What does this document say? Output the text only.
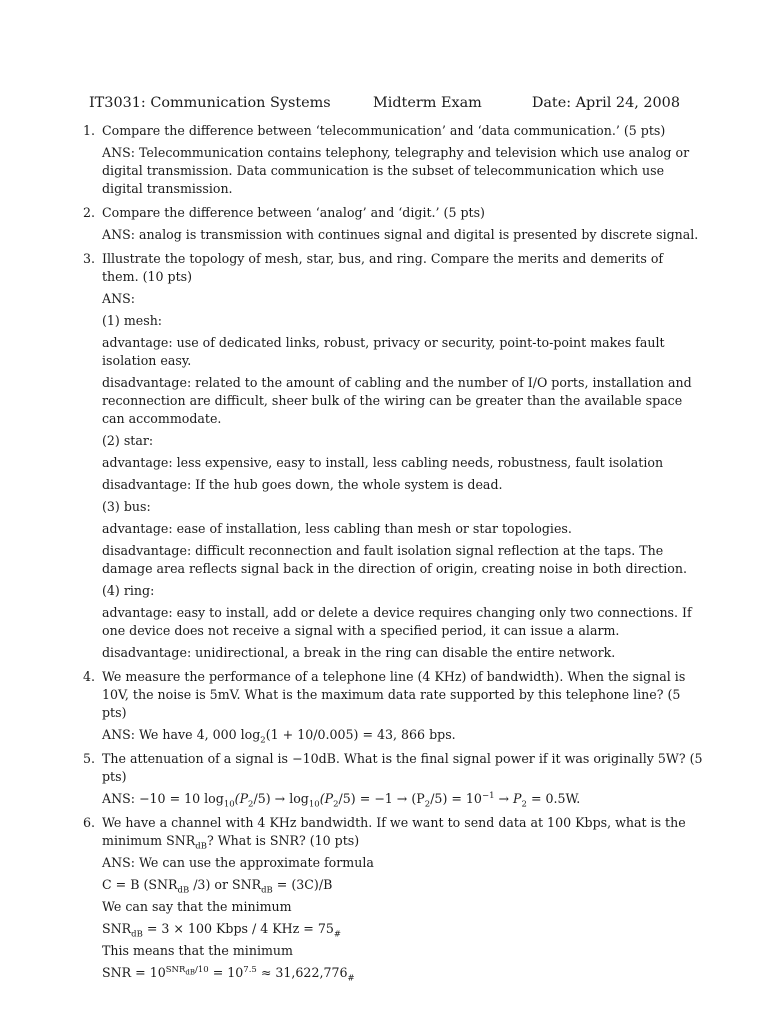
IT3031: Communication Systems	Midterm Exam	Date: April 24, 2008
1. Compare the difference between ‘telecommunication’ and ‘data communication.’ (5 pts)

ANS: Telecommunication contains telephony, telegraphy and television which use analog or digital transmission. Data communication is the subset of telecommunication which use digital transmission.

2. Compare the difference between ‘analog’ and ‘digit.’ (5 pts)

ANS: analog is transmission with continues signal and digital is presented by discrete signal.

3. Illustrate the topology of mesh, star, bus, and ring. Compare the merits and demerits of them. (10 pts)

ANS:

(1) mesh:

advantage: use of dedicated links, robust, privacy or security, point-to-point makes fault isolation easy.

disadvantage: related to the amount of cabling and the number of I/O ports, installation and reconnection are difficult, sheer bulk of the wiring can be greater than the available space can accommodate.

(2) star:

advantage: less expensive, easy to install, less cabling needs, robustness, fault isolation

disadvantage: If the hub goes down, the whole system is dead.

(3) bus:

advantage: ease of installation, less cabling than mesh or star topologies.

disadvantage: difficult reconnection and fault isolation signal reflection at the taps. The damage area reflects signal back in the direction of origin, creating noise in both direction.

(4) ring:

advantage: easy to install, add or delete a device requires changing only two connections. If one device does not receive a signal with a specified period, it can issue a alarm.

disadvantage: unidirectional, a break in the ring can disable the entire network.

4. We measure the performance of a telephone line (4 KHz) of bandwidth). When the signal is 10V, the noise is 5mV. What is the maximum data rate supported by this telephone line? (5 pts)

ANS: We have 4, 000 $\log_2(1 + 10/0.005) = 43$, 866 bps.

5. The attenuation of a signal is −10dB. What is the final signal power if it was originally 5W? (5 pts)

ANS: −10 = 10 $\log_{10}(P_2/5) \to \log_{10}(P_2/5) = -1 \to (P_2/5) = 10^{-1} \to P_2 = 0.5W$.

6. We have a channel with 4 KHz bandwidth. If we want to send data at 100 Kbps, what is the minimum $SNR_{dB}$? What is SNR? (10 pts)

ANS: We can use the approximate formula

C = B ($SNR_{dB}$ /3) or $SNR_{dB} = (3C)/B$

We can say that the minimum

$SNR_{dB} = 3 \times 100$ Kbps / 4 KHz = $75_{\#}$

This means that the minimum

SNR = $10^{SNR_{dB}/10} = 10^{7.5} \approx 31,622,776_{\#}$
